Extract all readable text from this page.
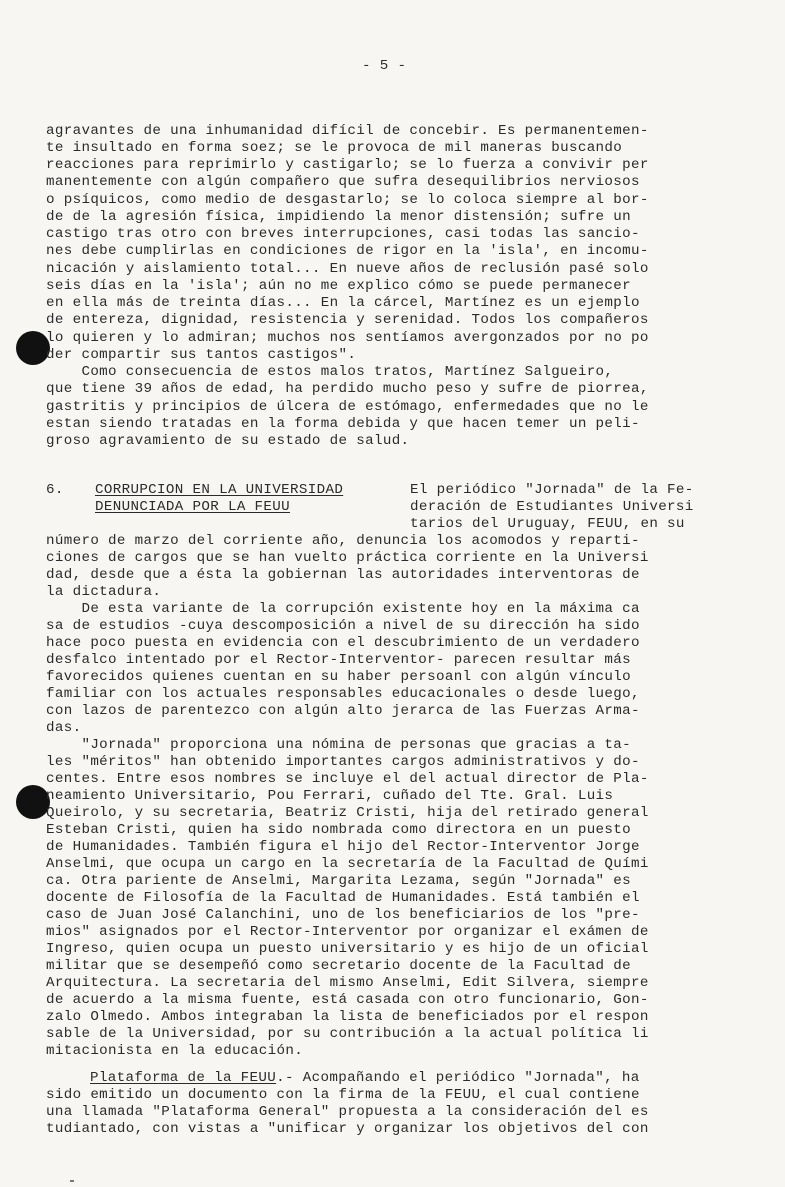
- 5 -
agravantes de una inhumanidad difícil de concebir. Es permanentemen-
te insultado en forma soez; se le provoca de mil maneras buscando
reacciones para reprimirlo y castigarlo; se lo fuerza a convivir per
manentemente con algún compañero que sufra desequilibrios nerviosos
o psíquicos, como medio de desgastarlo; se lo coloca siempre al bor-
de de la agresión física, impidiendo la menor distensión; sufre un
castigo tras otro con breves interrupciones, casi todas las sancio-
nes debe cumplirlas en condiciones de rigor en la 'isla', en incomu-
nicación y aislamiento total... En nueve años de reclusión pasé solo
seis días en la 'isla'; aún no me explico cómo se puede permanecer
en ella más de treinta días... En la cárcel, Martínez es un ejemplo
de entereza, dignidad, resistencia y serenidad. Todos los compañeros
lo quieren y lo admiran; muchos nos sentíamos avergonzados por no po
der compartir sus tantos castigos".
Como consecuencia de estos malos tratos, Martínez Salgueiro,
que tiene 39 años de edad, ha perdido mucho peso y sufre de piorrea,
gastritis y principios de úlcera de estómago, enfermedades que no le
estan siendo tratadas en la forma debida y que hacen temer un peli-
groso agravamiento de su estado de salud.
6. CORRUPCION EN LA UNIVERSIDAD
DENUNCIADA POR LA FEUU
El periódico "Jornada" de la Fe-
deración de Estudiantes Universi
tarios del Uruguay, FEUU, en su
número de marzo del corriente año, denuncia los acomodos y reparti-
ciones de cargos que se han vuelto práctica corriente en la Universi
dad, desde que a ésta la gobiernan las autoridades interventoras de
la dictadura.
De esta variante de la corrupción existente hoy en la máxima ca
sa de estudios -cuya descomposición a nivel de su dirección ha sido
hace poco puesta en evidencia con el descubrimiento de un verdadero
desfalco intentado por el Rector-Interventor- parecen resultar más
favorecidos quienes cuentan en su haber persoanl con algún vínculo
familiar con los actuales responsables educacionales o desde luego,
con lazos de parentezco con algún alto jerarca de las Fuerzas Arma-
das.
"Jornada" proporciona una nómina de personas que gracias a ta-
les "méritos" han obtenido importantes cargos administrativos y do-
centes. Entre esos nombres se incluye el del actual director de Pla-
neamiento Universitario, Pou Ferrari, cuñado del Tte. Gral. Luis
Queirolo, y su secretaria, Beatriz Cristi, hija del retirado general
Esteban Cristi, quien ha sido nombrada como directora en un puesto
de Humanidades. También figura el hijo del Rector-Interventor Jorge
Anselmi, que ocupa un cargo en la secretaría de la Facultad de Quími
ca. Otra pariente de Anselmi, Margarita Lezama, según "Jornada" es
docente de Filosofía de la Facultad de Humanidades. Está también el
caso de Juan José Calanchini, uno de los beneficiarios de los "pre-
mios" asignados por el Rector-Interventor por organizar el exámen de
Ingreso, quien ocupa un puesto universitario y es hijo de un oficial
militar que se desempeñó como secretario docente de la Facultad de
Arquitectura. La secretaria del mismo Anselmi, Edit Silvera, siempre
de acuerdo a la misma fuente, está casada con otro funcionario, Gon-
zalo Olmedo. Ambos integraban la lista de beneficiados por el respon
sable de la Universidad, por su contribución a la actual política li
mitacionista en la educación.
Plataforma de la FEUU.- Acompañando el periódico "Jornada", ha
sido emitido un documento con la firma de la FEUU, el cual contiene
una llamada "Plataforma General" propuesta a la consideración del es
tudiantado, con vistas a "unificar y organizar los objetivos del con
